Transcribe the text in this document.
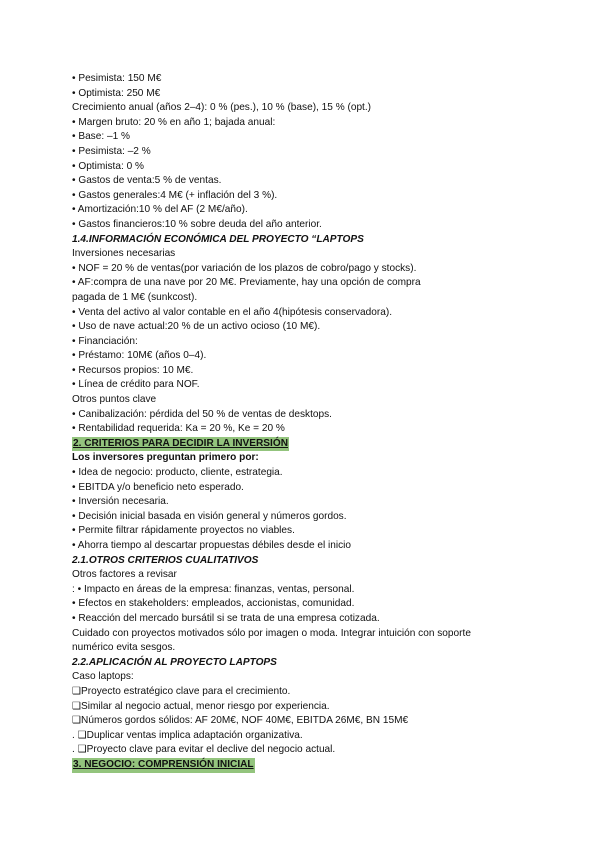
• Pesimista: 150 M€
• Optimista: 250 M€
Crecimiento anual (años 2–4): 0 % (pes.), 10 % (base), 15 % (opt.)
• Margen bruto: 20 % en año 1; bajada anual:
• Base: –1 %
• Pesimista: –2 %
• Optimista: 0 %
• Gastos de venta:5 % de ventas.
• Gastos generales:4 M€ (+ inflación del 3 %).
• Amortización:10 % del AF (2 M€/año).
• Gastos financieros:10 % sobre deuda del año anterior.
1.4.INFORMACIÓN ECONÓMICA DEL PROYECTO “LAPTOPS
Inversiones necesarias
• NOF = 20 % de ventas(por variación de los plazos de cobro/pago y stocks).
• AF:compra de una nave por 20 M€. Previamente, hay una opción de compra
pagada de 1 M€ (sunkcost).
• Venta del activo al valor contable en el año 4(hipótesis conservadora).
• Uso de nave actual:20 % de un activo ocioso (10 M€).
• Financiación:
• Préstamo: 10M€ (años 0–4).
• Recursos propios: 10 M€.
• Línea de crédito para NOF.
Otros puntos clave
• Canibalización: pérdida del 50 % de ventas de desktops.
• Rentabilidad requerida: Ka = 20 %, Ke = 20 %
2. CRITERIOS PARA DECIDIR LA INVERSIÓN
Los inversores preguntan primero por:
• Idea de negocio: producto, cliente, estrategia.
• EBITDA y/o beneficio neto esperado.
• Inversión necesaria.
• Decisión inicial basada en visión general y números gordos.
• Permite filtrar rápidamente proyectos no viables.
• Ahorra tiempo al descartar propuestas débiles desde el inicio
2.1.OTROS CRITERIOS CUALITATIVOS
Otros factores a revisar
: • Impacto en áreas de la empresa: finanzas, ventas, personal.
• Efectos en stakeholders: empleados, accionistas, comunidad.
• Reacción del mercado bursátil si se trata de una empresa cotizada.
Cuidado con proyectos motivados sólo por imagen o moda. Integrar intuición con soporte
numérico evita sesgos.
2.2.APLICACIÓN AL PROYECTO LAPTOPS
Caso laptops:
❑Proyecto estratégico clave para el crecimiento.
❑Similar al negocio actual, menor riesgo por experiencia.
❑Números gordos sólidos: AF 20M€, NOF 40M€, EBITDA 26M€, BN 15M€
. ❑Duplicar ventas implica adaptación organizativa.
. ❑Proyecto clave para evitar el declive del negocio actual.
3. NEGOCIO: COMPRENSIÓN INICIAL
